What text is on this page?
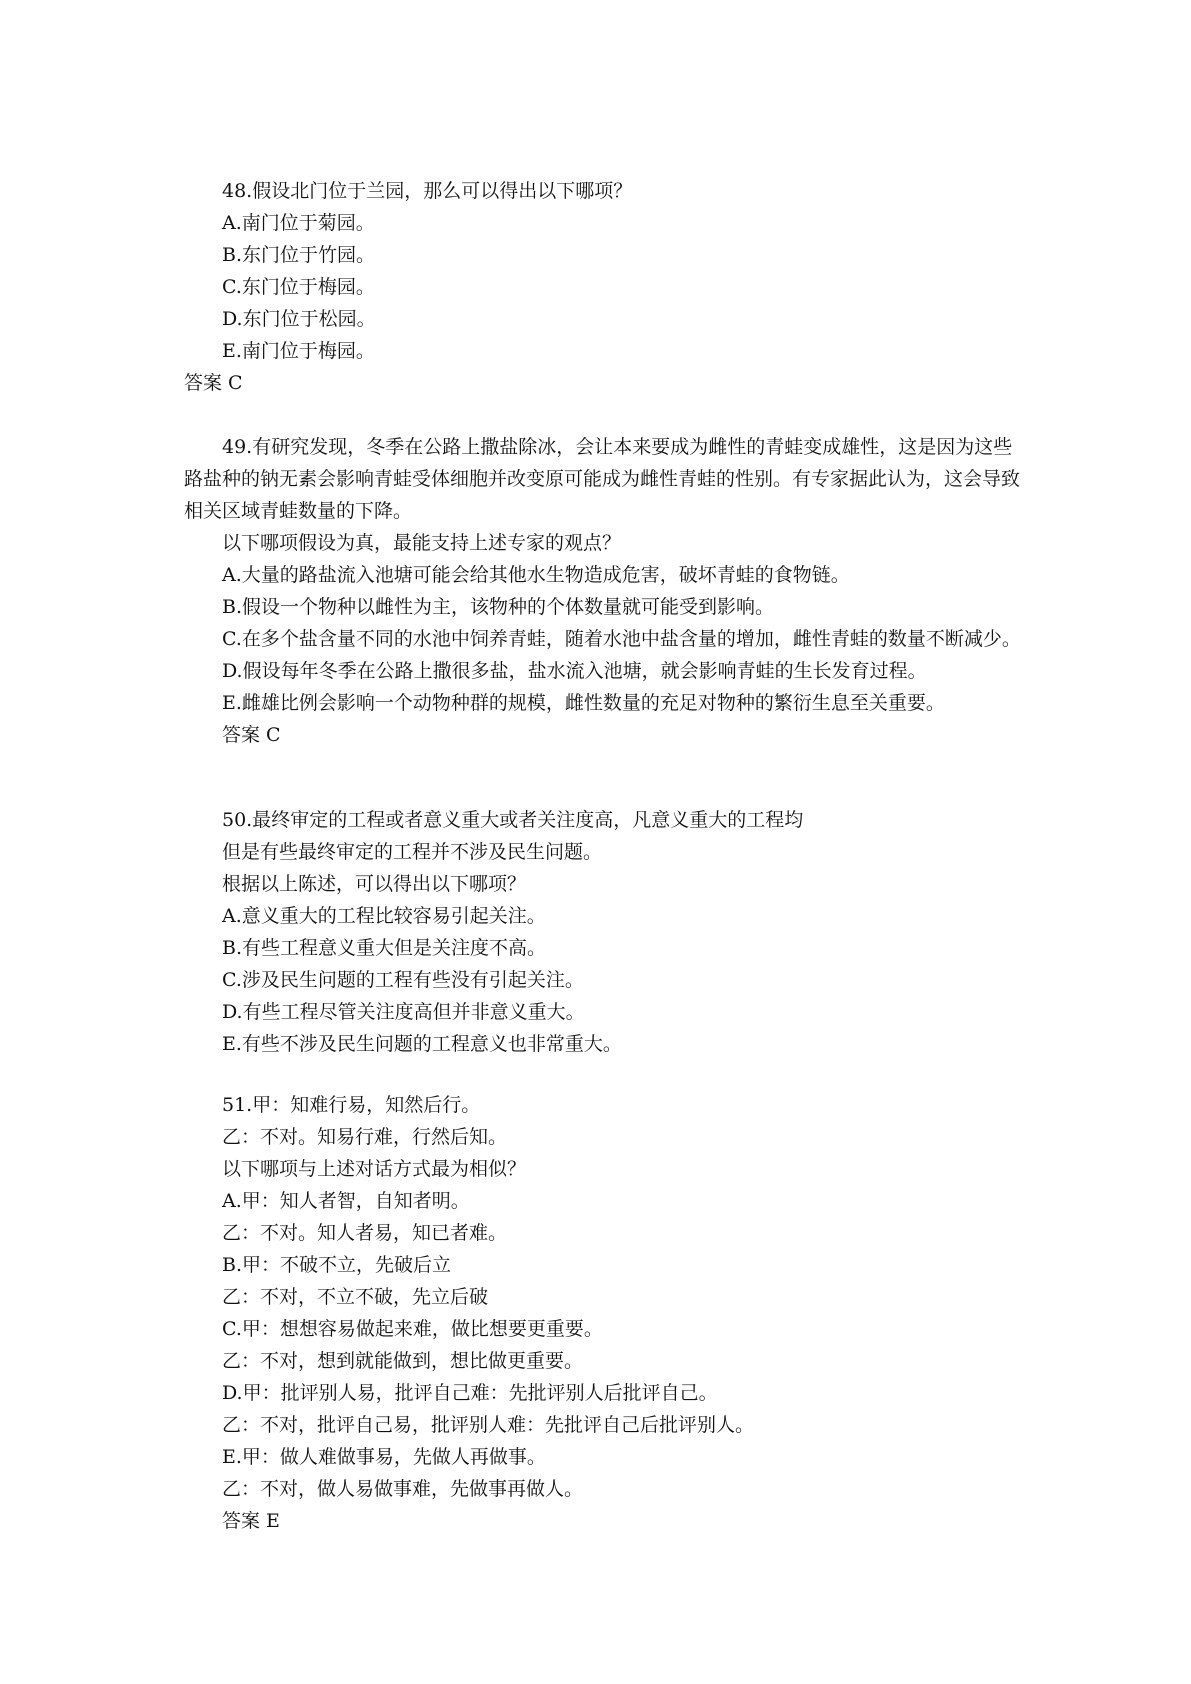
48.假设北门位于兰园，那么可以得出以下哪项？
A.南门位于菊园。
B.东门位于竹园。
C.东门位于梅园。
D.东门位于松园。
E.南门位于梅园。
答案 C

49.有研究发现，冬季在公路上撒盐除冰，会让本来要成为雌性的青蛙变成雄性，这是因为这些路盐种的钠无素会影响青蛙受体细胞并改变原可能成为雌性青蛙的性别。有专家据此认为，这会导致相关区域青蛙数量的下降。

以下哪项假设为真，最能支持上述专家的观点？

A.大量的路盐流入池塘可能会给其他水生物造成危害，破坏青蛙的食物链。

B.假设一个物种以雌性为主，该物种的个体数量就可能受到影响。

C.在多个盐含量不同的水池中饲养青蛙，随着水池中盐含量的增加，雌性青蛙的数量不断减少。

D.假设每年冬季在公路上撒很多盐，盐水流入池塘，就会影响青蛙的生长发育过程。

E.雌雄比例会影响一个动物种群的规模，雌性数量的充足对物种的繁衍生息至关重要。

答案 C

50.最终审定的工程或者意义重大或者关注度高，凡意义重大的工程均
但是有些最终审定的工程并不涉及民生问题。
根据以上陈述，可以得出以下哪项？
A.意义重大的工程比较容易引起关注。
B.有些工程意义重大但是关注度不高。
C.涉及民生问题的工程有些没有引起关注。
D.有些工程尽管关注度高但并非意义重大。
E.有些不涉及民生问题的工程意义也非常重大。
51.甲：知难行易，知然后行。
乙：不对。知易行难，行然后知。
以下哪项与上述对话方式最为相似？
A.甲：知人者智，自知者明。
乙：不对。知人者易，知已者难。
B.甲：不破不立，先破后立
乙：不对，不立不破，先立后破
C.甲：想想容易做起来难，做比想要更重要。
乙：不对，想到就能做到，想比做更重要。
D.甲：批评别人易，批评自己难：先批评别人后批评自己。
乙：不对，批评自己易，批评别人难：先批评自己后批评别人。
E.甲：做人难做事易，先做人再做事。
乙：不对，做人易做事难，先做事再做人。
答案 E
